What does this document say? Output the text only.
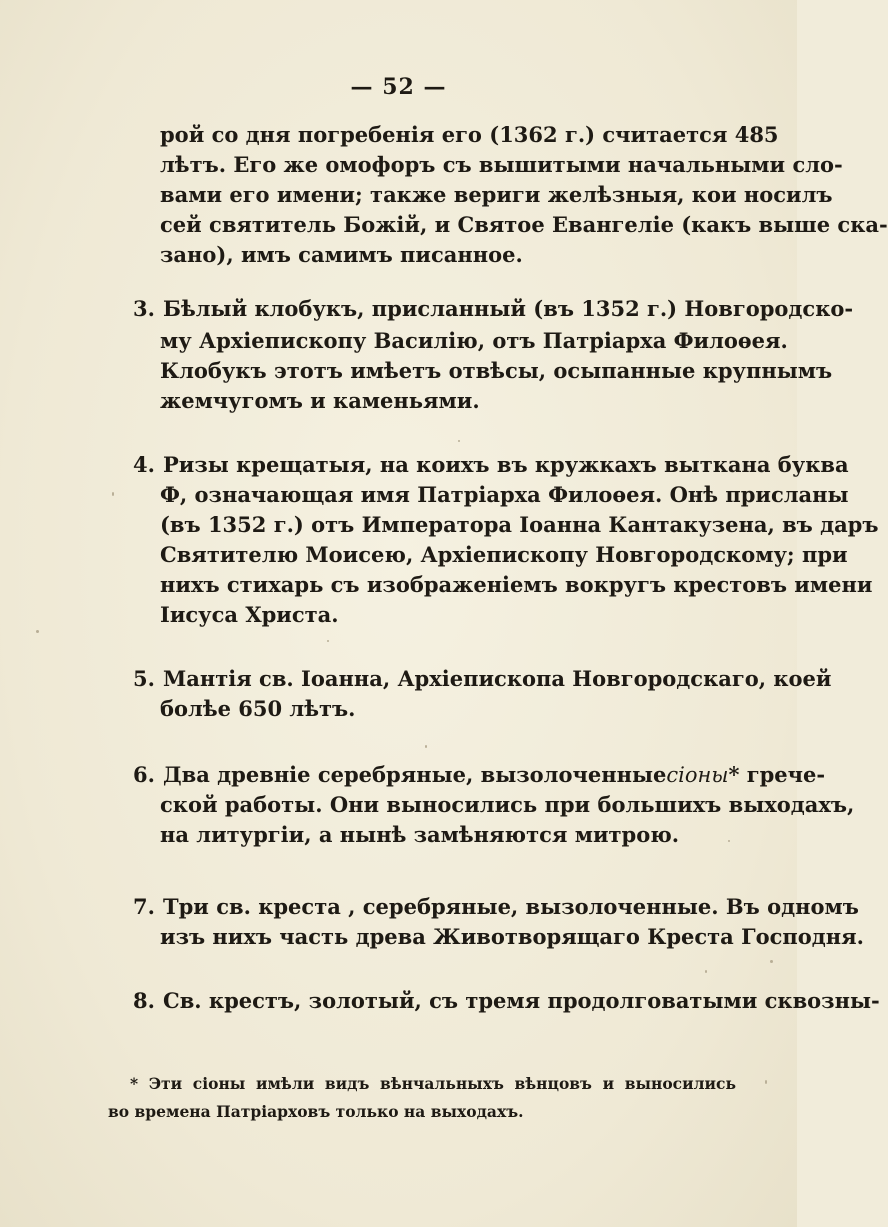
— 52 —
рой со дня погребенія его (1362 г.) считается 485
лѣтъ. Его же омофоръ съ вышитыми начальными сло-
вами его имени; также вериги желѣзныя, кои носилъ
сей святитель Божій, и Святое Евангеліе (какъ выше ска-
зано), имъ самимъ писанное.
3. Бѣлый клобукъ, присланный (въ 1352 г.) Новгородско-
му Архіепископу Василію, отъ Патріарха Филоѳея.
Клобукъ этотъ имѣетъ отвѣсы, осыпанные крупнымъ
жемчугомъ и каменьями.
4. Ризы крещатыя, на коихъ въ кружкахъ выткана буква
Ф, означающая имя Патріарха Филоѳея. Онѣ присланы
(въ 1352 г.) отъ Императора Іоанна Кантакузена, въ даръ
Святителю Моисею, Архіепископу Новгородскому; при
нихъ стихарь съ изображеніемъ вокругъ крестовъ имени
Іисуса Христа.
5. Мантія св. Іоанна, Архіепископа Новгородскаго, коей
болѣе 650 лѣтъ.
6. Два древніе серебряные, вызолоченные сіоны * грече-
ской работы. Они выносились при большихъ выходахъ,
на литургіи, а нынѣ замѣняются митрою.
7. Три св. креста , серебряные, вызолоченные. Въ одномъ
изъ нихъ часть древа Животворящаго Креста Господня.
8. Св. крестъ, золотый, съ тремя продолговатыми сквозны-
* Эти сіоны имѣли видъ вѣнчальныхъ вѣнцовъ и выносились
во времена Патріарховъ только на выходахъ.
